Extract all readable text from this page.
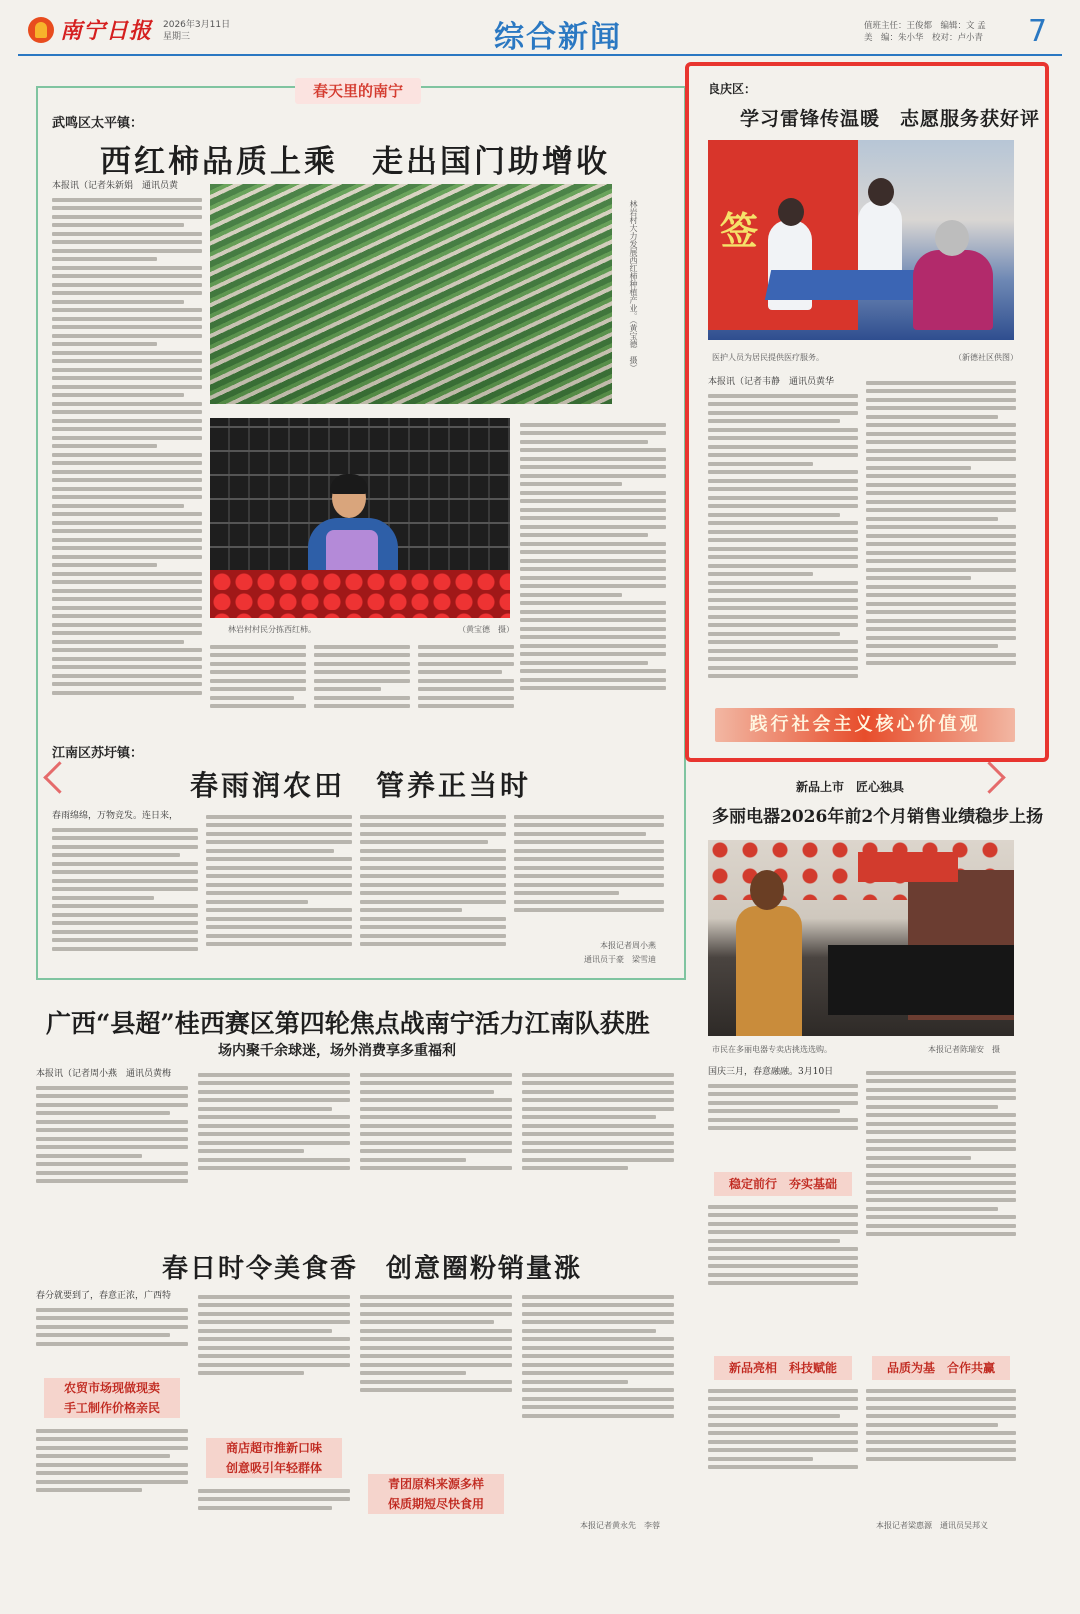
南宁日报 2026年3月11日
星期三	综合新闻	值班主任：王俊都　编辑：文 孟
美　编：朱小华　校对：卢小青	7
春天里的南宁
武鸣区太平镇：
西红柿品质上乘　走出国门助增收
本报讯（记者朱新娟　通讯员黄
林岩村大力发展西红柿种植产业。（黄宝德　摄）
林岩村村民分拣西红柿。	（黄宝德　摄）
江南区苏圩镇：
春雨润农田　管养正当时
春雨绵绵，万物竞发。连日来，
本报记者周小燕
通讯员于豪　梁雪迪
良庆区：
学习雷锋传温暖　志愿服务获好评
签
医护人员为居民提供医疗服务。	（新德社区供图）
本报讯（记者韦静　通讯员黄华
践行社会主义核心价值观
新品上市　匠心独具
多丽电器2026年前2个月销售业绩稳步上扬
市民在多丽电器专卖店挑选选购。	本报记者陈瑞安　摄
国庆三月，春意融融。3月10日
稳定前行　夯实基础
新品亮相　科技赋能	品质为基　合作共赢
本报记者梁惠源　通讯员吴邦义
广西“县超”桂西赛区第四轮焦点战南宁活力江南队获胜
场内聚千余球迷，场外消费享多重福利
本报讯（记者周小燕　通讯员黄梅
春日时令美食香　创意圈粉销量涨
春分就要到了，春意正浓，广西特
农贸市场现做现卖
手工制作价格亲民
商店超市推新口味
创意吸引年轻群体
青团原料来源多样
保质期短尽快食用
本报记者黄永先　李蓉
